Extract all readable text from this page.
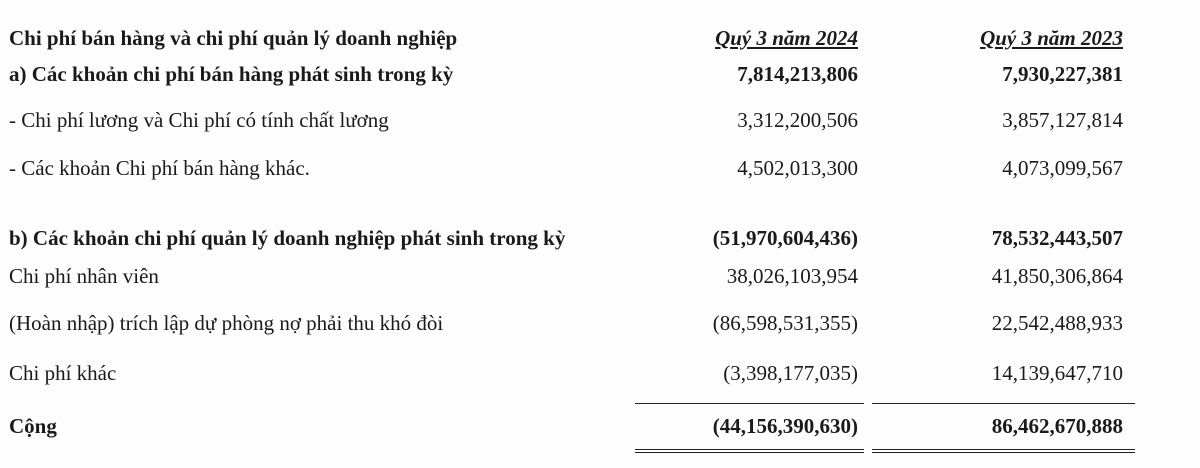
Chi phí bán hàng và chi phí quản lý doanh nghiệp	Quý 3 năm 2024	Quý 3 năm 2023
a) Các khoản chi phí bán hàng phát sinh trong kỳ	7,814,213,806	7,930,227,381
- Chi phí lương và Chi phí có tính chất lương	3,312,200,506	3,857,127,814
- Các khoản Chi phí bán hàng khác.	4,502,013,300	4,073,099,567
b) Các khoản chi phí quản lý doanh nghiệp phát sinh trong kỳ	(51,970,604,436)	78,532,443,507
Chi phí nhân viên	38,026,103,954	41,850,306,864
(Hoàn nhập) trích lập dự phòng nợ phải thu khó đòi	(86,598,531,355)	22,542,488,933
Chi phí khác	(3,398,177,035)	14,139,647,710
Cộng	(44,156,390,630)	86,462,670,888
